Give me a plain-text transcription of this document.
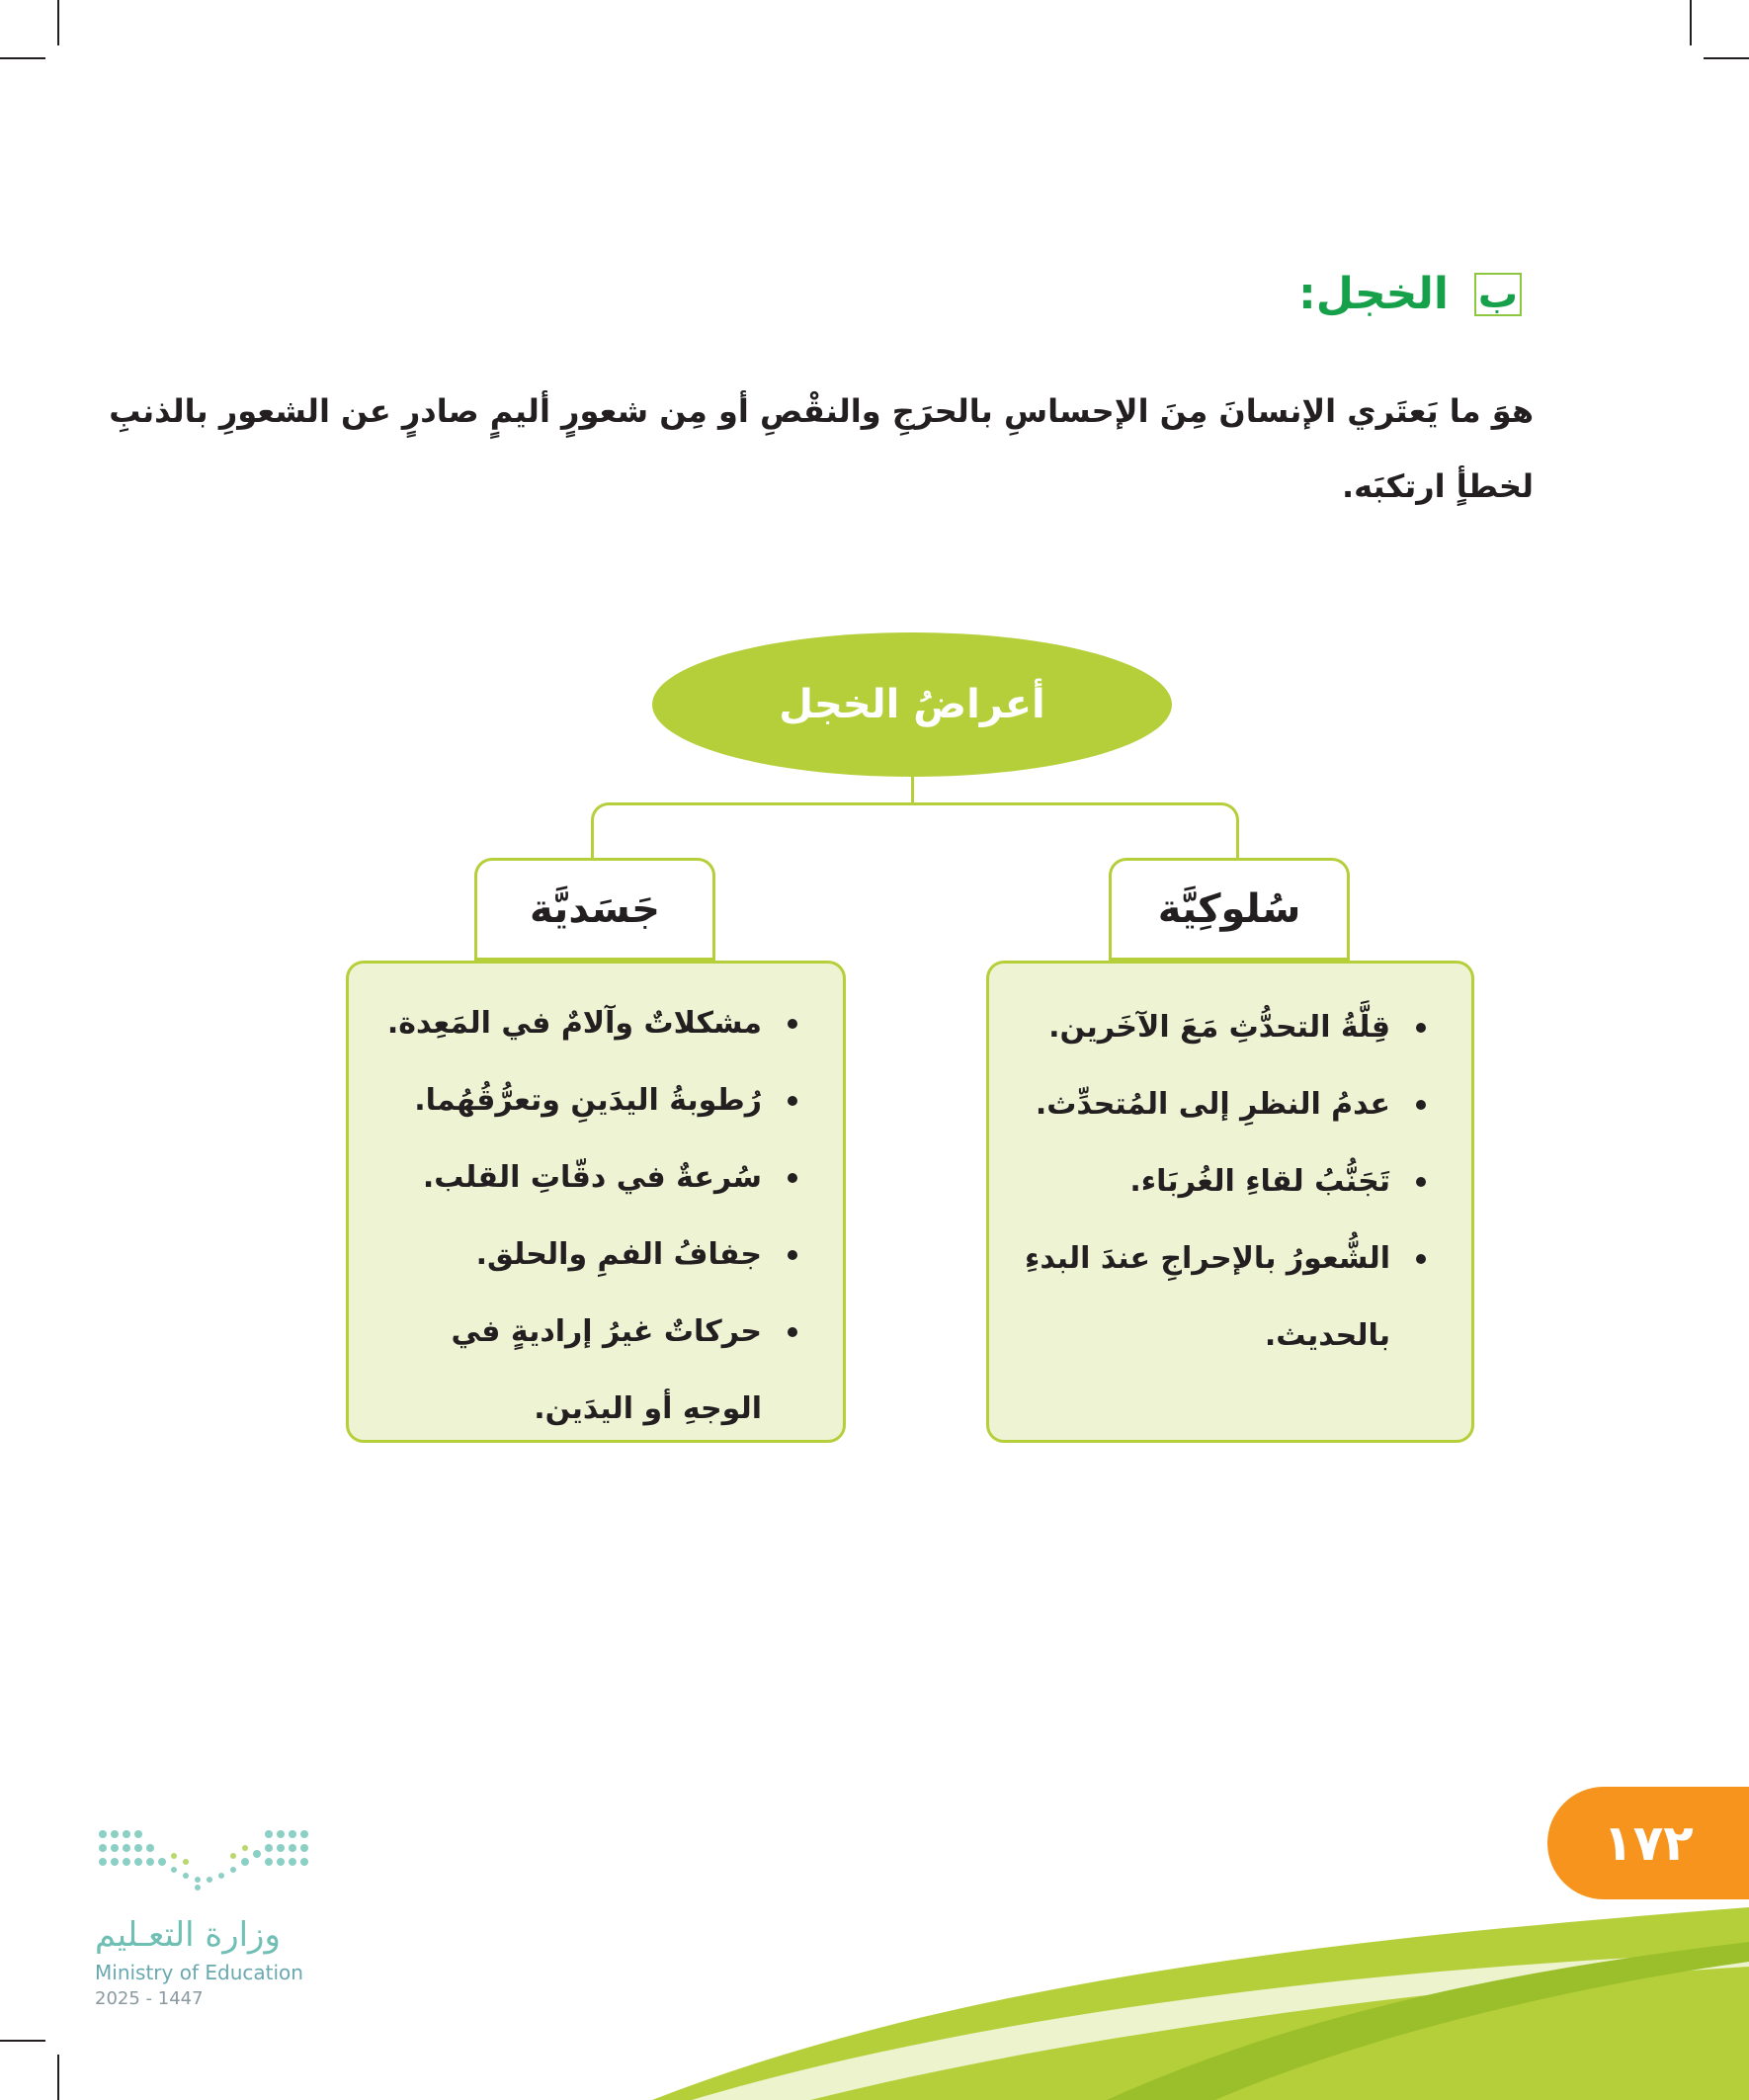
ب
الخجل:
هوَ ما يَعتَري الإنسانَ مِنَ الإحساسِ بالحرَجِ والنقْصِ أو مِن شعورٍ أليمٍ صادرٍ عن الشعورِ بالذنبِ
لخطأٍ ارتكبَه.
أعراضُ الخجل
جَسَديَّة	سُلوكِيَّة
مشكلاتٌ وآلامٌ في المَعِدة.
رُطوبةُ اليدَينِ وتعرُّقُهُما.
سُرعةٌ في دقّاتِ القلب.
جفافُ الفمِ والحلق.
حركاتٌ غيرُ إراديةٍ في الوجهِ أو اليدَين.
قِلَّةُ التحدُّثِ مَعَ الآخَرين.
عدمُ النظرِ إلى المُتحدِّث.
تَجَنُّبُ لقاءِ الغُربَاء.
الشُّعورُ بالإحراجِ عندَ البدءِ بالحديث.
١٧٢
وزارة التعـليم
Ministry of Education
2025 - 1447
